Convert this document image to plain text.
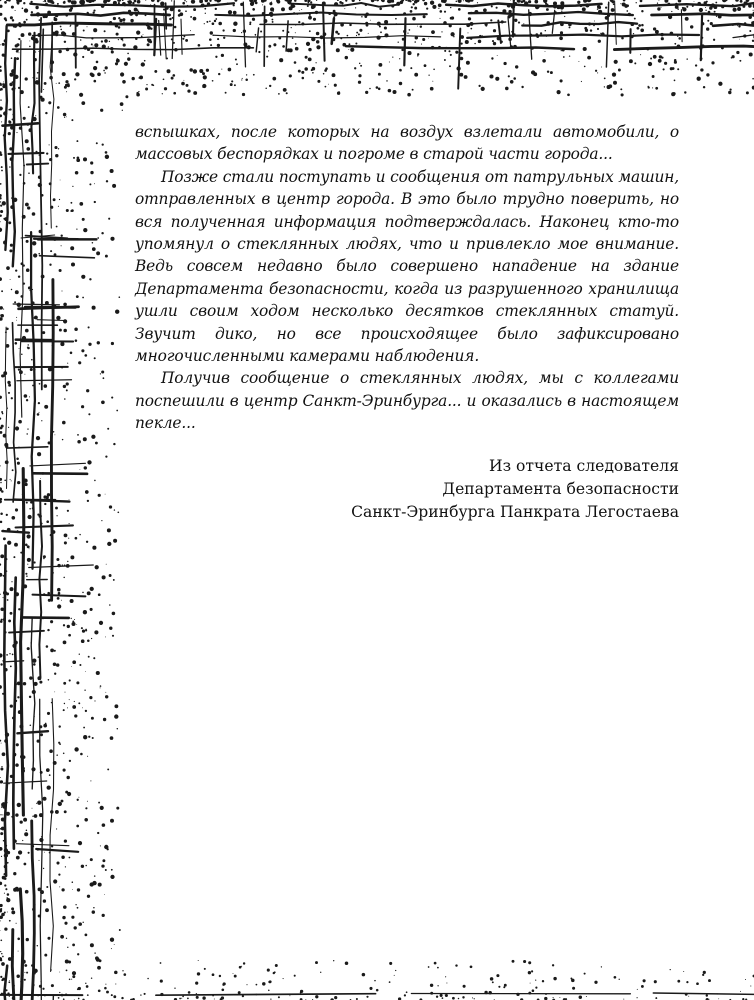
вспышках, после которых на воздух взлетали автомобили, о массовых беспорядках и погроме в старой части города...

Позже стали поступать и сообщения от патрульных машин, отправленных в центр города. В это было трудно поверить, но вся полученная информация подтверждалась. Наконец кто-то упомянул о стеклянных людях, что и привлекло мое внимание. Ведь совсем недавно было совершено нападение на здание Департамента безопасности, когда из разрушенного хранилища ушли своим ходом несколько десятков стеклянных статуй. Звучит дико, но все происходящее было зафиксировано многочисленными камерами наблюдения.

Получив сообщение о стеклянных людях, мы с коллегами поспешили в центр Санкт-Эринбурга... и оказались в настоящем пекле...

Из отчета следователя
Департамента безопасности
Санкт-Эринбурга Панкрата Легостаева
